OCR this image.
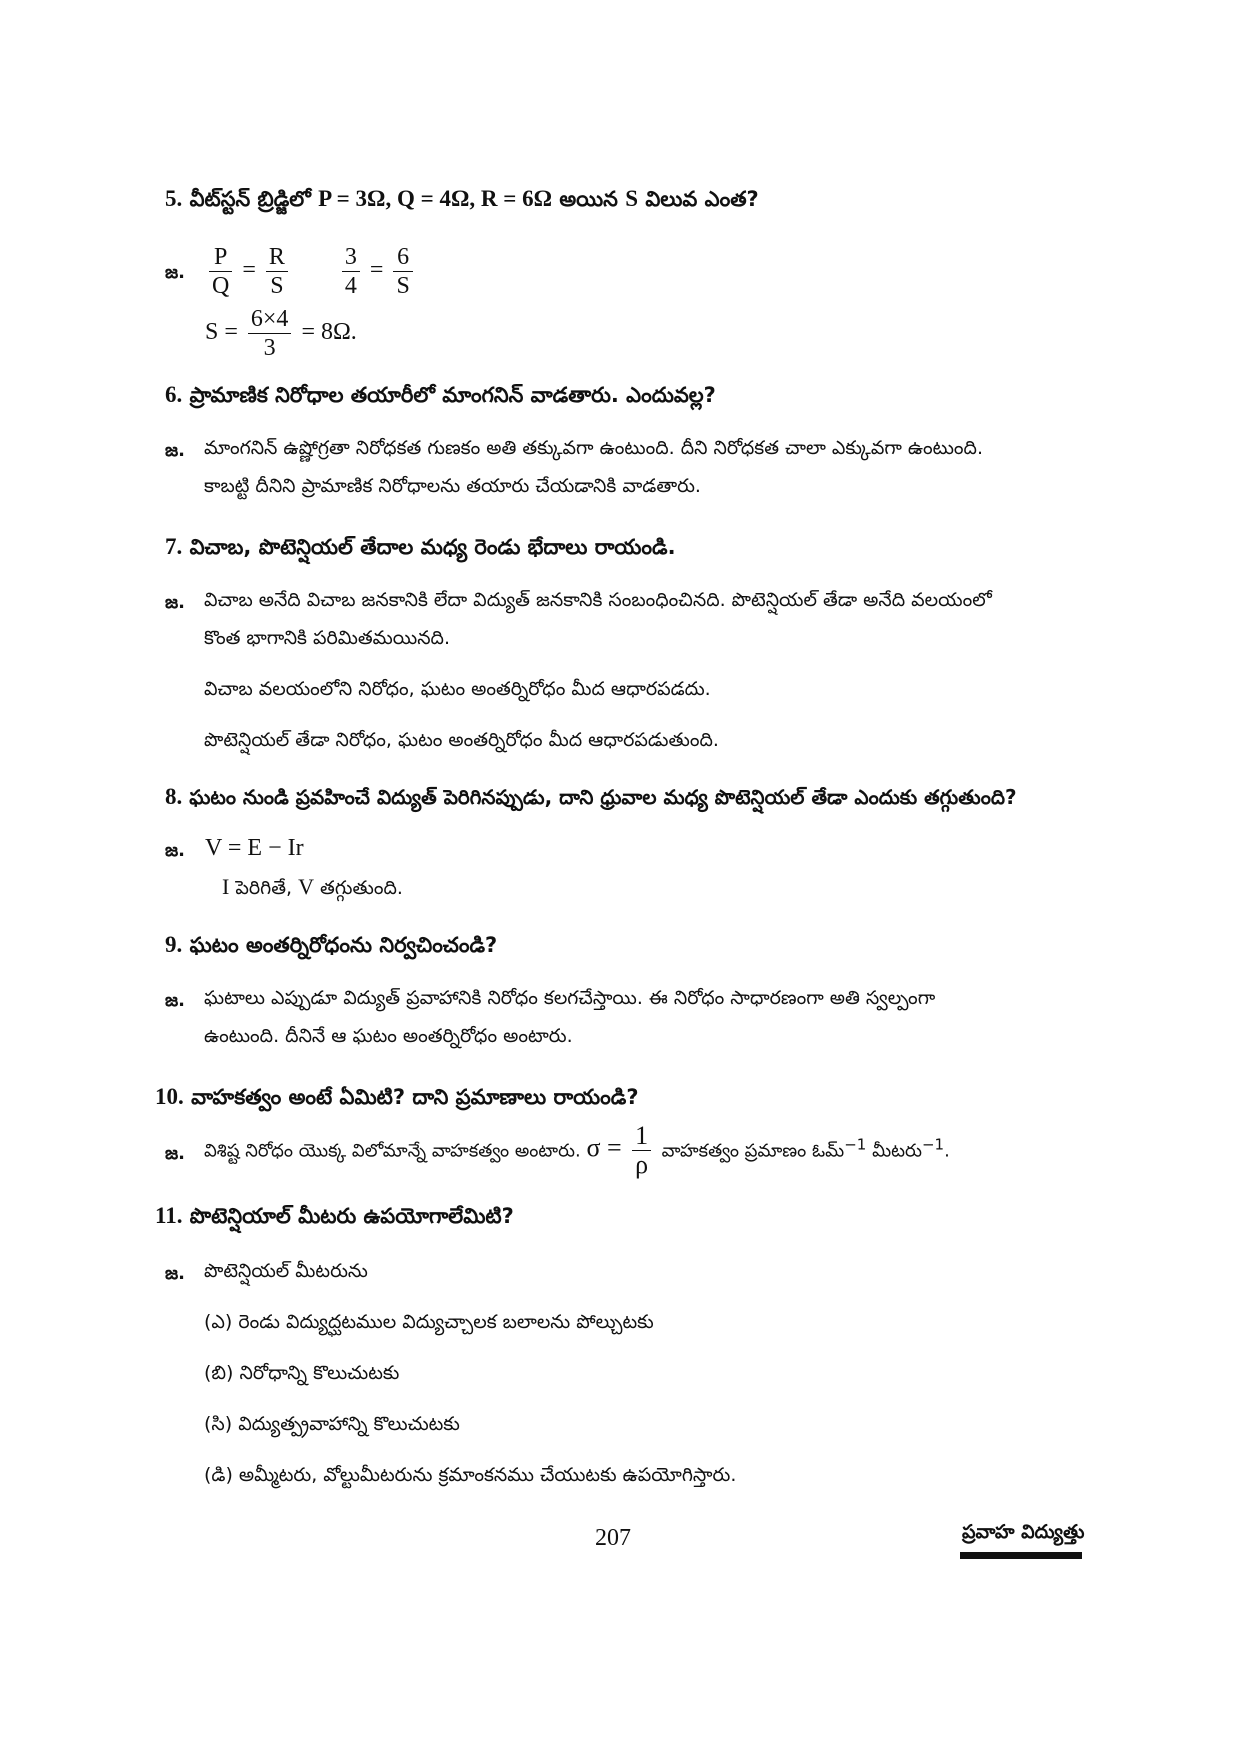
5. వీట్‌స్టన్ బ్రిడ్జిలో P = 3Ω, Q = 4Ω, R = 6Ω అయిన S విలువ ఎంత?
జ. $\frac{P}{Q} = \frac{R}{S}$
$\frac{3}{4} = \frac{6}{S}$
$S = \frac{6\times 4}{3} = 8\Omega$.
6. ప్రామాణిక నిరోధాల తయారీలో మాంగనిన్ వాడతారు. ఎందువల్ల?
జ. మాంగనిన్ ఉష్ణోగ్రతా నిరోధకత గుణకం అతి తక్కువగా ఉంటుంది. దీని నిరోధకత చాలా ఎక్కువగా ఉంటుంది.
కాబట్టి దీనిని ప్రామాణిక నిరోధాలను తయారు చేయడానికి వాడతారు.
7. విచాబ, పొటెన్షియల్ తేదాల మధ్య రెండు భేదాలు రాయండి.
జ. విచాబ అనేది విచాబ జనకానికి లేదా విద్యుత్ జనకానికి సంబంధించినది. పొటెన్షియల్ తేడా అనేది వలయంలో
కొంత భాగానికి పరిమితమయినది.
విచాబ వలయంలోని నిరోధం, ఘటం అంతర్నిరోధం మీద ఆధారపడదు.
పొటెన్షియల్ తేడా నిరోధం, ఘటం అంతర్నిరోధం మీద ఆధారపడుతుంది.
8. ఘటం నుండి ప్రవహించే విద్యుత్ పెరిగినప్పుడు, దాని ధ్రువాల మధ్య పొటెన్షియల్ తేడా ఎందుకు తగ్గుతుంది?
జ. V = E − Ir
I పెరిగితే, V తగ్గుతుంది.
9. ఘటం అంతర్నిరోధంను నిర్వచించండి?
జ. ఘటాలు ఎప్పుడూ విద్యుత్ ప్రవాహానికి నిరోధం కలగచేస్తాయి. ఈ నిరోధం సాధారణంగా అతి స్వల్పంగా
ఉంటుంది. దీనినే ఆ ఘటం అంతర్నిరోధం అంటారు.
10. వాహకత్వం అంటే ఏమిటి? దాని ప్రమాణాలు రాయండి?
జ. విశిష్ట నిరోధం యొక్క విలోమాన్నే వాహకత్వం అంటారు. $\sigma = \frac{1}{\rho}$ వాహకత్వం ప్రమాణం ఓమ్$^{-1}$ మీటరు$^{-1}$.
11. పొటెన్షియాల్ మీటరు ఉపయోగాలేమిటి?
జ. పొటెన్షియల్ మీటరును
(ఎ) రెండు విద్యుద్ఘటముల విద్యుచ్చాలక బలాలను పోల్చుటకు
(బి) నిరోధాన్ని కొలుచుటకు
(సి) విద్యుత్ప్రవాహాన్ని కొలుచుటకు
(డి) అమ్మీటరు, వోల్టుమీటరును క్రమాంకనము చేయుటకు ఉపయోగిస్తారు.
207	ప్రవాహ విద్యుత్తు
